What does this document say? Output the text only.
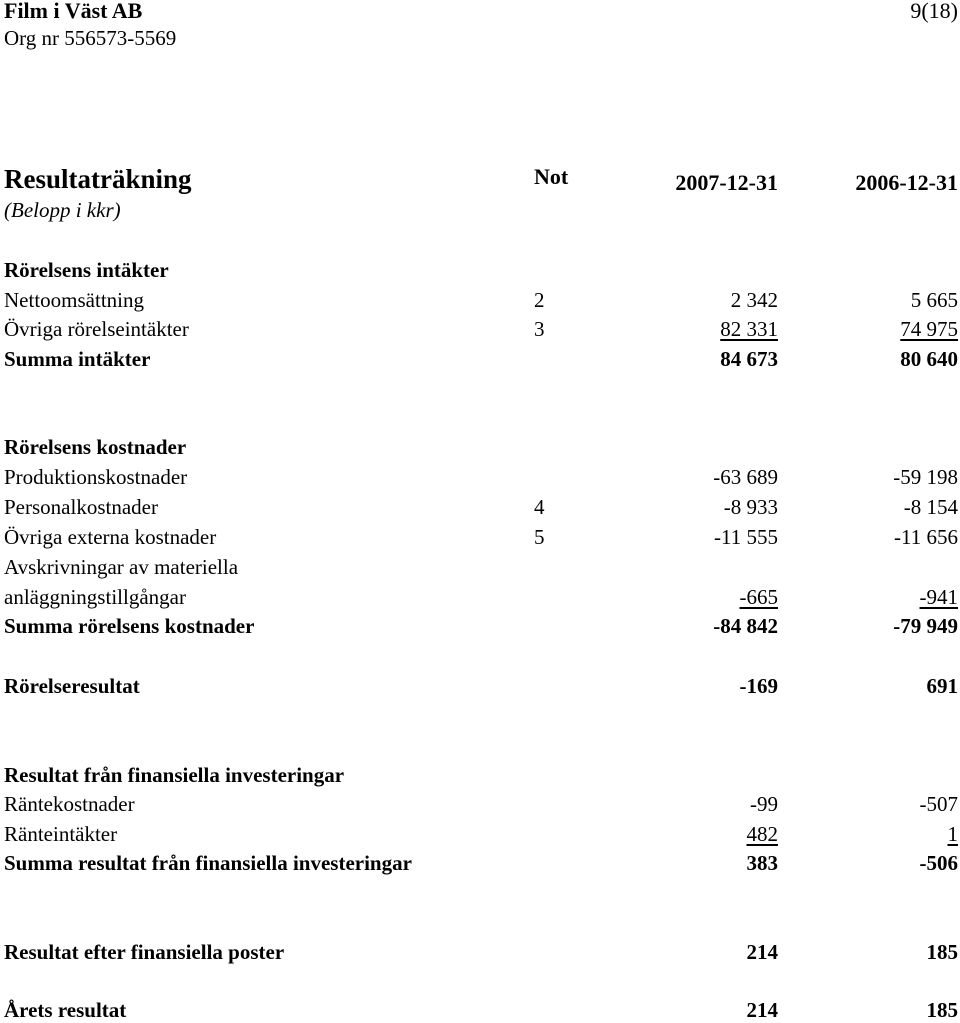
Film i Väst AB
Org nr 556573-5569
9(18)
Resultaträkning
(Belopp i kkr)
Not	2007-12-31	2006-12-31
Rörelsens intäkter
Nettoomsättning	2	2 342	5 665
Övriga rörelseintäkter	3	82 331	74 975
Summa intäkter	84 673	80 640
Rörelsens kostnader
Produktionskostnader	-63 689	-59 198
Personalkostnader	4	-8 933	-8 154
Övriga externa kostnader	5	-11 555	-11 656
Avskrivningar av materiella
anläggningstillgångar	-665	-941
Summa rörelsens kostnader	-84 842	-79 949
Rörelseresultat	-169	691
Resultat från finansiella investeringar
Räntekostnader	-99	-507
Ränteintäkter	482	1
Summa resultat från finansiella investeringar	383	-506
Resultat efter finansiella poster	214	185
Årets resultat	214	185
